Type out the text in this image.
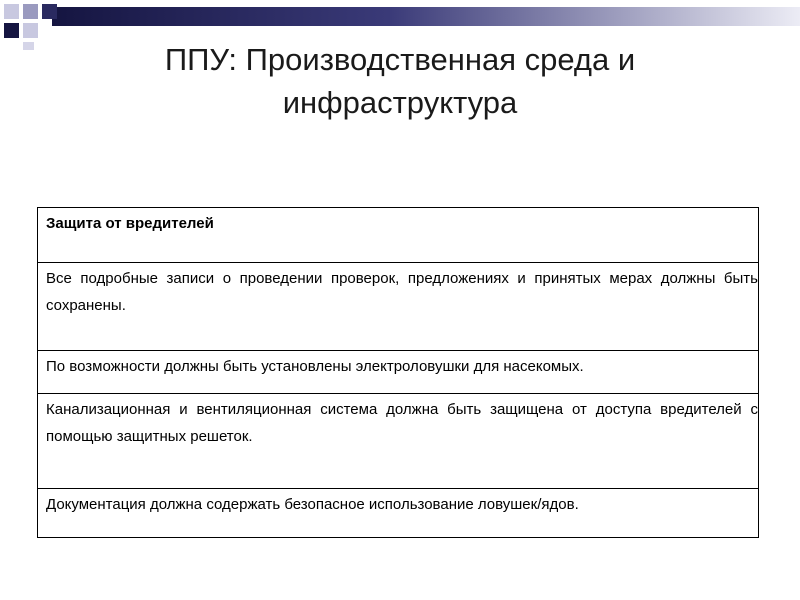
ППУ: Производственная среда и
инфраструктура
Защита от вредителей
Все подробные записи о проведении проверок, предложениях и принятых мерах должны быть сохранены.
По возможности должны быть установлены электроловушки для насекомых.
Канализационная и вентиляционная система должна быть защищена от доступа вредителей с помощью защитных решеток.
Документация должна содержать безопасное использование ловушек/ядов.
